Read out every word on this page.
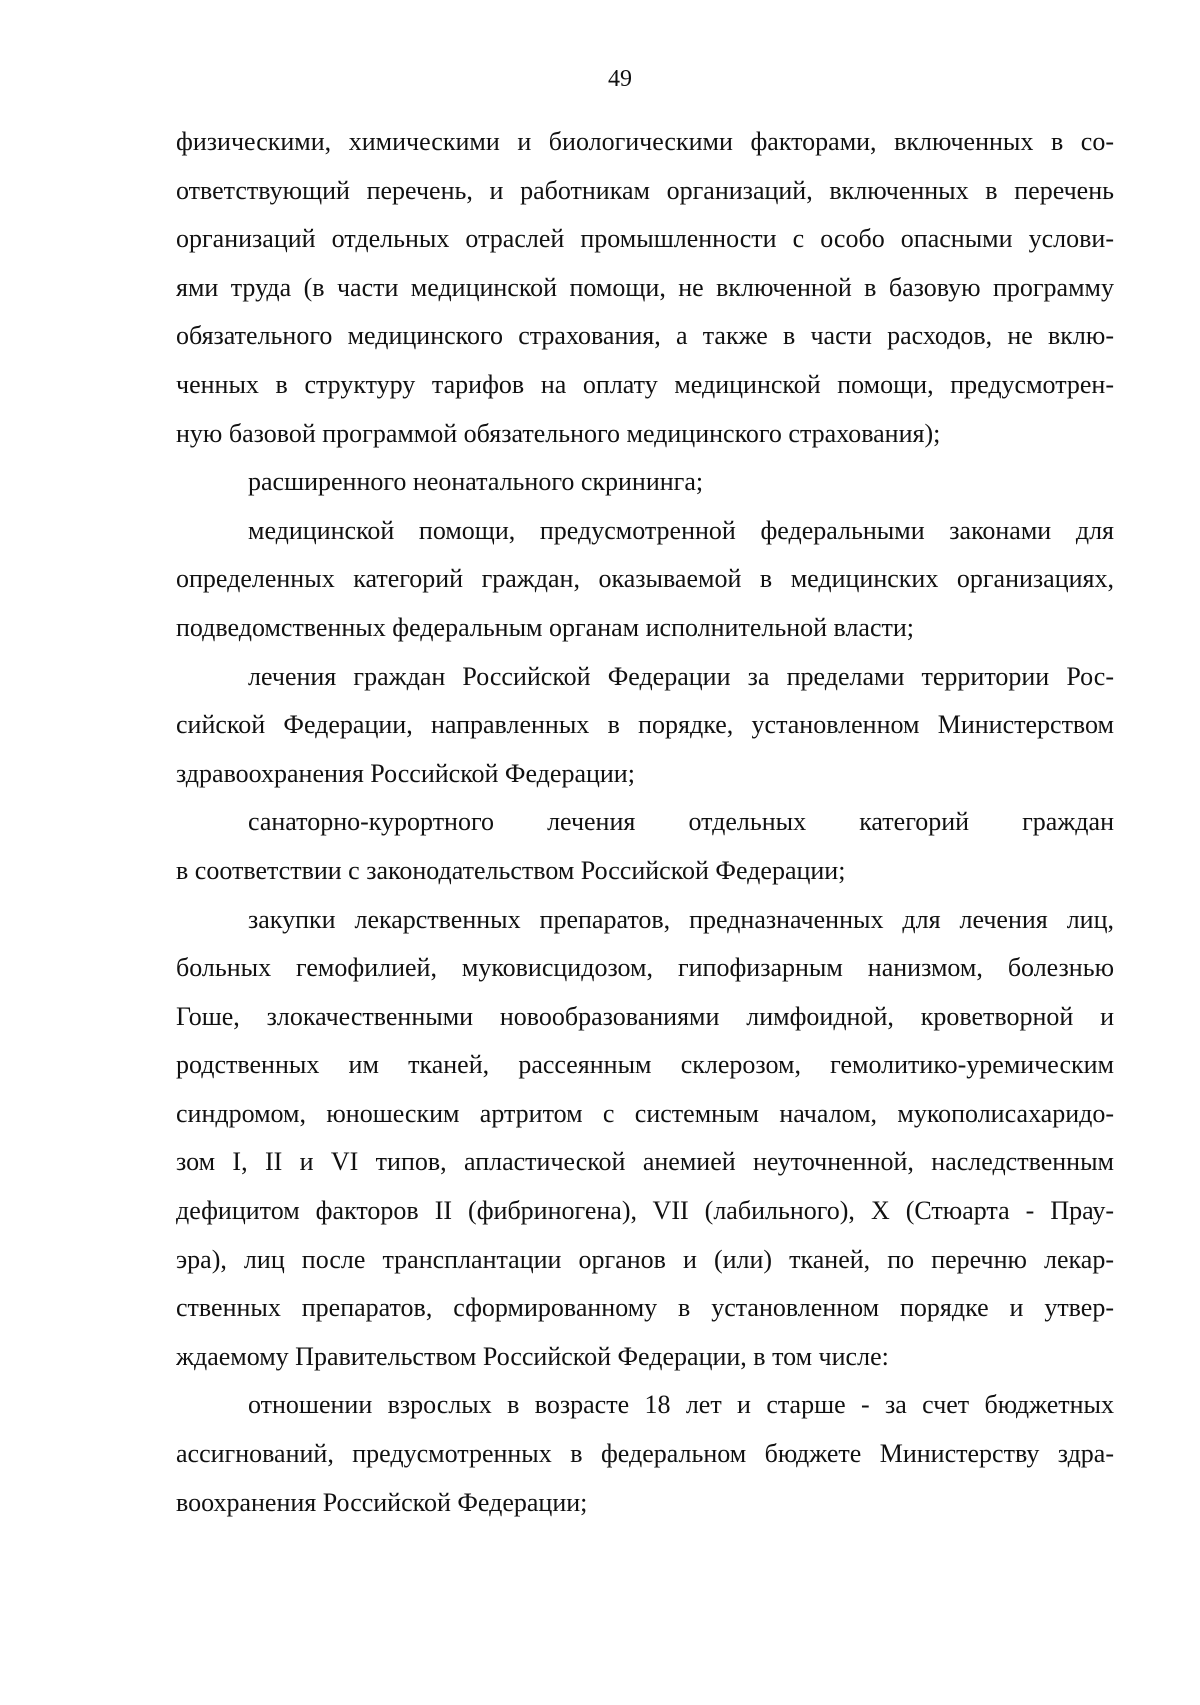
49
физическими, химическими и биологическими факторами, включенных в со-
ответствующий перечень, и работникам организаций, включенных в перечень
организаций отдельных отраслей промышленности с особо опасными услови-
ями труда (в части медицинской помощи, не включенной в базовую программу
обязательного медицинского страхования, а также в части расходов, не вклю-
ченных в структуру тарифов на оплату медицинской помощи, предусмотрен-
ную базовой программой обязательного медицинского страхования);
расширенного неонатального скрининга;
медицинской помощи, предусмотренной федеральными законами для
определенных категорий граждан, оказываемой в медицинских организациях,
подведомственных федеральным органам исполнительной власти;
лечения граждан Российской Федерации за пределами территории Рос-
сийской Федерации, направленных в порядке, установленном Министерством
здравоохранения Российской Федерации;
санаторно-курортного лечения отдельных категорий граждан
в соответствии с законодательством Российской Федерации;
закупки лекарственных препаратов, предназначенных для лечения лиц,
больных гемофилией, муковисцидозом, гипофизарным нанизмом, болезнью
Гоше, злокачественными новообразованиями лимфоидной, кроветворной и
родственных им тканей, рассеянным склерозом, гемолитико-уремическим
синдромом, юношеским артритом с системным началом, мукополисахаридо-
зом I, II и VI типов, апластической анемией неуточненной, наследственным
дефицитом факторов II (фибриногена), VII (лабильного), X (Стюарта - Прау-
эра), лиц после трансплантации органов и (или) тканей, по перечню лекар-
ственных препаратов, сформированному в установленном порядке и утвер-
ждаемому Правительством Российской Федерации, в том числе:
отношении взрослых в возрасте 18 лет и старше - за счет бюджетных
ассигнований, предусмотренных в федеральном бюджете Министерству здра-
воохранения Российской Федерации;
